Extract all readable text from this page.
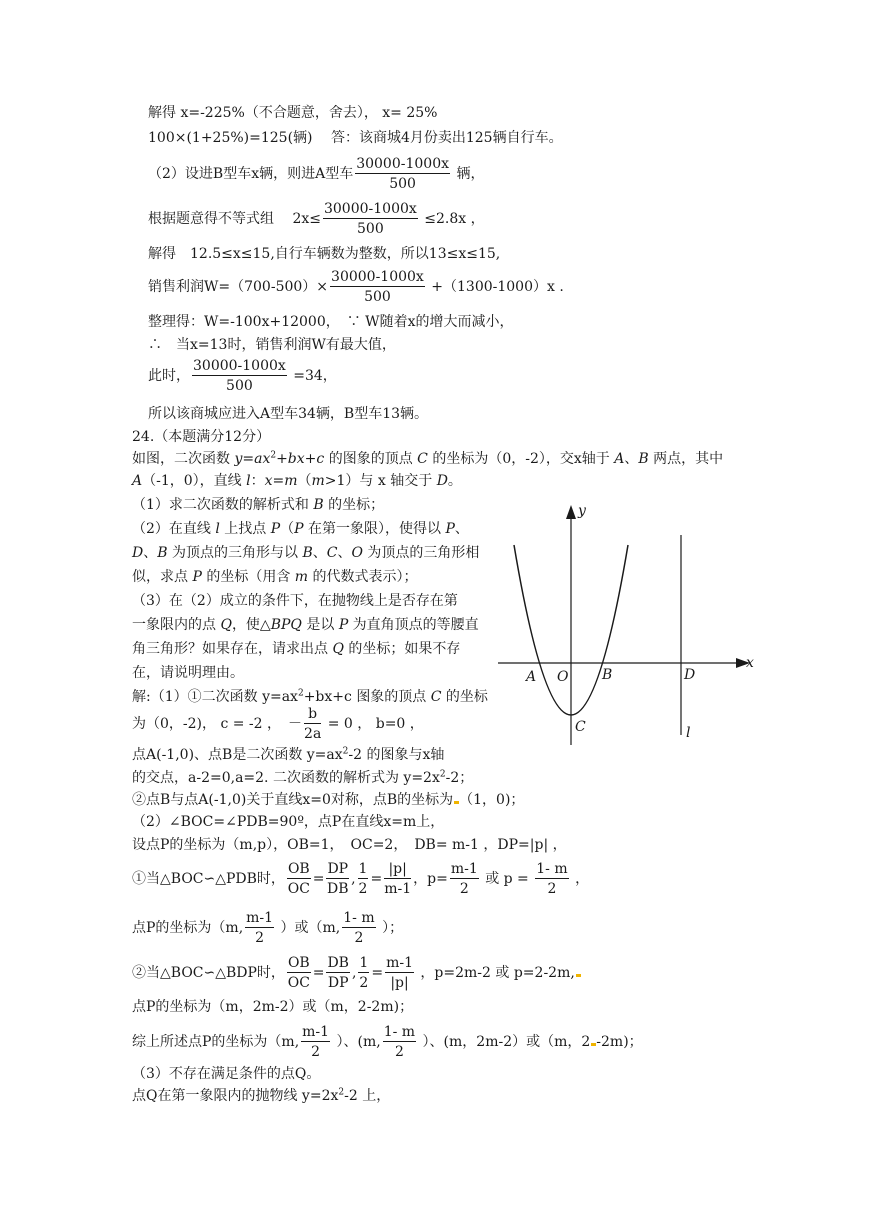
解得 x=-225%（不合题意，舍去）， x= 25%
100×(1+25%)=125(辆)　 答：该商城4月份卖出125辆自行车。
（2）设进B型车x辆，则进A型车 $\frac{30000-1000x}{500}$ 辆，
根据题意得不等式组　 $2x\le \frac{30000-1000x}{500} \le 2.8x$ ，
解得　12.5≤x≤15,自行车辆数为整数，所以13≤x≤15,
销售利润$W=(700-500)\times \frac{30000-1000x}{500} +(1300-1000)x$ .
整理得：W=-100x+12000，　∵ W随着x的增大而减小，
∴　当x=13时，销售利润W有最大值，
此时， $\frac{30000-1000x}{500} =34$，
所以该商城应进入A型车34辆，B型车13辆。
24.（本题满分12分）
如图，二次函数 $y=ax^2+bx+c$ 的图象的顶点 C 的坐标为（0，-2），交x轴于 A、B 两点，其中
A（-1，0），直线 l：x=m（m>1）与 x 轴交于 D。
（1）求二次函数的解析式和 B 的坐标；
（2）在直线 l 上找点 P（P 在第一象限），使得以 P、
D、B 为顶点的三角形与以 B、C、O 为顶点的三角形相
似，求点 P 的坐标（用含 m 的代数式表示）；
（3）在（2）成立的条件下，在抛物线上是否存在第
一象限内的点 Q，使△BPQ 是以 P 为直角顶点的等腰直
角三角形？如果存在，请求出点 Q 的坐标；如果不存
在，请说明理由。
y
x
A O B	D
C	l
解:（1）①二次函数 $y=ax^2+bx+c$ 图象的顶点 C 的坐标
为（0，-2)， c = -2 ，　－ $\frac{b}{2a} = 0$ ， b=0 ，
点A(-1,0)、点B是二次函数 $y=ax^2-2$ 的图象与x轴
的交点，a-2=0,a=2. 二次函数的解析式为 $y=2x^2-2$；
②点B与点A(-1,0)关于直线x=0对称，点B的坐标为 （1，0)；
（2）∠BOC=∠PDB=90º，点P在直线x=m上，
设点P的坐标为（m,p），OB=1，　OC=2，　DB= m-1 ，DP=|p| ，
①当△BOC∽△PDB时， $\frac{OB}{OC} = \frac{DP}{DB}$ , $\frac{1}{2} = \frac{|p|}{m-1}$ ，$p= \frac{m-1}{2}$ 或 $p = \frac{1- m}{2}$ ，
点P的坐标为（m, $\frac{m-1}{2}$ ）或（m, $\frac{1- m}{2}$ ）；
②当△BOC∽△BDP时， $\frac{OB}{OC} = \frac{DB}{DP}$ , $\frac{1}{2} = \frac{m-1}{|p|}$ ，p=2m-2 或 p=2-2m,
点P的坐标为（m，2m-2）或（m，2-2m)；
综上所述点P的坐标为（m, $\frac{m-1}{2}$ ）、(m, $\frac{1- m}{2}$ ）、(m，2m-2）或（m，2 -2m)；
（3）不存在满足条件的点Q。
点Q在第一象限内的抛物线 $y=2x^2-2$ 上，
